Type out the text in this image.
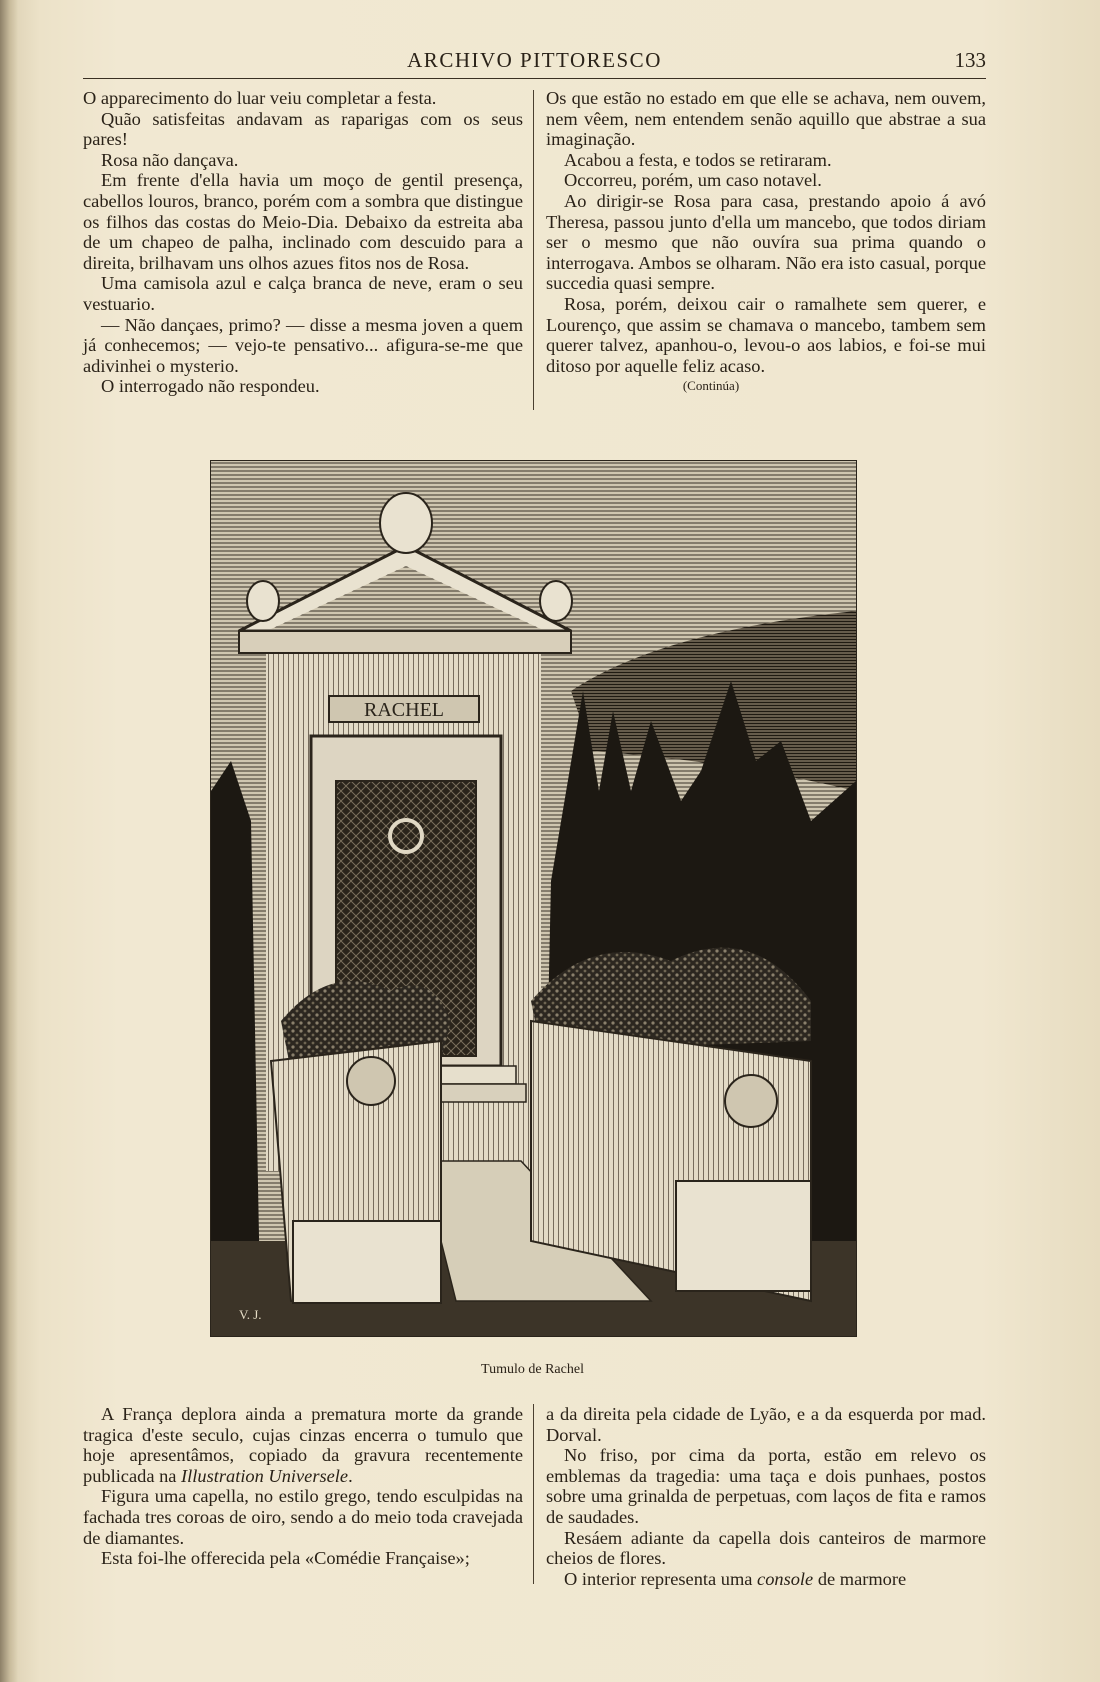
ARCHIVO PITTORESCO	133

O apparecimento do luar veiu completar a festa.

Quão satisfeitas andavam as raparigas com os seus pares!

Rosa não dançava.

Em frente d'ella havia um moço de gentil presença, cabellos louros, branco, porém com a sombra que distingue os filhos das costas do Meio-Dia. Debaixo da estreita aba de um chapeo de palha, inclinado com descuido para a direita, brilhavam uns olhos azues fitos nos de Rosa.

Uma camisola azul e calça branca de neve, eram o seu vestuario.

— Não dançaes, primo? — disse a mesma joven a quem já conhecemos; — vejo-te pensativo... afigura-se-me que adivinhei o mysterio.

O interrogado não respondeu.

Os que estão no estado em que elle se achava, nem ouvem, nem vêem, nem entendem senão aquillo que abstrae a sua imaginação.

Acabou a festa, e todos se retiraram.

Occorreu, porém, um caso notavel.

Ao dirigir-se Rosa para casa, prestando apoio á avó Theresa, passou junto d'ella um mancebo, que todos diriam ser o mesmo que não ouvíra sua prima quando o interrogava. Ambos se olharam. Não era isto casual, porque succedia quasi sempre.

Rosa, porém, deixou cair o ramalhete sem querer, e Lourenço, que assim se chamava o mancebo, tambem sem querer talvez, apanhou-o, levou-o aos labios, e foi-se mui ditoso por aquelle feliz acaso.

(Continúa)

RACHEL
V. J.
Tumulo de Rachel

A França deplora ainda a prematura morte da grande tragica d'este seculo, cujas cinzas encerra o tumulo que hoje apresentâmos, copiado da gravura recentemente publicada na Illustration Universele.

Figura uma capella, no estilo grego, tendo esculpidas na fachada tres coroas de oiro, sendo a do meio toda cravejada de diamantes.

Esta foi-lhe offerecida pela «Comédie Française»;

a da direita pela cidade de Lyão, e a da esquerda por mad. Dorval.

No friso, por cima da porta, estão em relevo os emblemas da tragedia: uma taça e dois punhaes, postos sobre uma grinalda de perpetuas, com laços de fita e ramos de saudades.

Resáem adiante da capella dois canteiros de marmore cheios de flores.

O interior representa uma console de marmore
